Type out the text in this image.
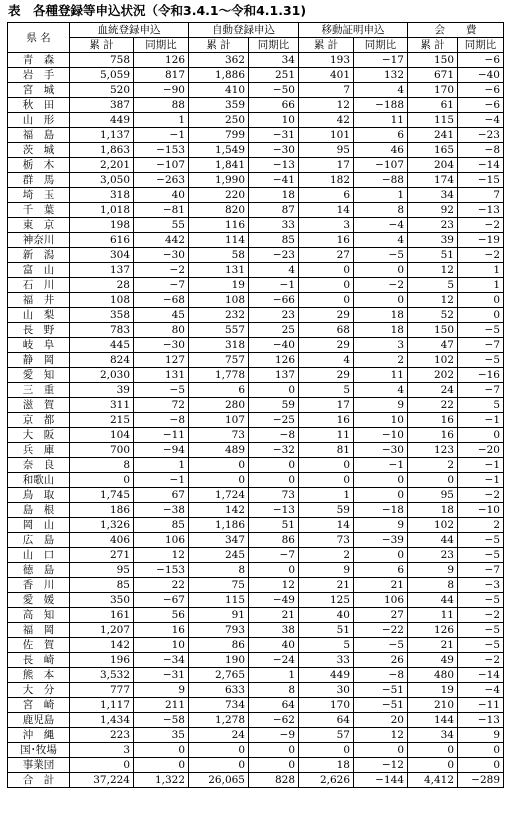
表　各種登録等申込状況（令和3.4.1～令和4.1.31)
県 名	血統登録申込		自動登録申込		移動証明申込		会　　費	
	累 計	同期比	累 計	同期比	累 計	同期比	累 計	同期比
青　森	758	126	362	34	193	−17	150	−6
岩　手	5,059	817	1,886	251	401	132	671	−40
宮　城	520	−90	410	−50	7	4	170	−6
秋　田	387	88	359	66	12	−188	61	−6
山　形	449	1	250	10	42	11	115	−4
福　島	1,137	−1	799	−31	101	6	241	−23
茨　城	1,863	−153	1,549	−30	95	46	165	−8
栃　木	2,201	−107	1,841	−13	17	−107	204	−14
群　馬	3,050	−263	1,990	−41	182	−88	174	−15
埼　玉	318	40	220	18	6	1	34	7
千　葉	1,018	−81	820	87	14	8	92	−13
東　京	198	55	116	33	3	−4	23	−2
神奈川	616	442	114	85	16	4	39	−19
新　潟	304	−30	58	−23	27	−5	51	−2
富　山	137	−2	131	4	0	0	12	1
石　川	28	−7	19	−1	0	−2	5	1
福　井	108	−68	108	−66	0	0	12	0
山　梨	358	45	232	23	29	18	52	0
長　野	783	80	557	25	68	18	150	−5
岐　阜	445	−30	318	−40	29	3	47	−7
静　岡	824	127	757	126	4	2	102	−5
愛　知	2,030	131	1,778	137	29	11	202	−16
三　重	39	−5	6	0	5	4	24	−7
滋　賀	311	72	280	59	17	9	22	5
京　都	215	−8	107	−25	16	10	16	−1
大　阪	104	−11	73	−8	11	−10	16	0
兵　庫	700	−94	489	−32	81	−30	123	−20
奈　良	8	1	0	0	0	−1	2	−1
和歌山	0	−1	0	0	0	0	0	−1
鳥　取	1,745	67	1,724	73	1	0	95	−2
島　根	186	−38	142	−13	59	−18	18	−10
岡　山	1,326	85	1,186	51	14	9	102	2
広　島	406	106	347	86	73	−39	44	−5
山　口	271	12	245	−7	2	0	23	−5
徳　島	95	−153	8	0	9	6	9	−7
香　川	85	22	75	12	21	21	8	−3
愛　媛	350	−67	115	−49	125	106	44	−5
高　知	161	56	91	21	40	27	11	−2
福　岡	1,207	16	793	38	51	−22	126	−5
佐　賀	142	10	86	40	5	−5	21	−5
長　崎	196	−34	190	−24	33	26	49	−2
熊　本	3,532	−31	2,765	1	449	−8	480	−14
大　分	777	9	633	8	30	−51	19	−4
宮　崎	1,117	211	734	64	170	−51	210	−11
鹿児島	1,434	−58	1,278	−62	64	20	144	−13
沖　縄	223	35	24	−9	57	12	34	9
国･牧場	3	0	0	0	0	0	0	0
事業団	0	0	0	0	18	−12	0	0
合　計	37,224	1,322	26,065	828	2,626	−144	4,412	−289
